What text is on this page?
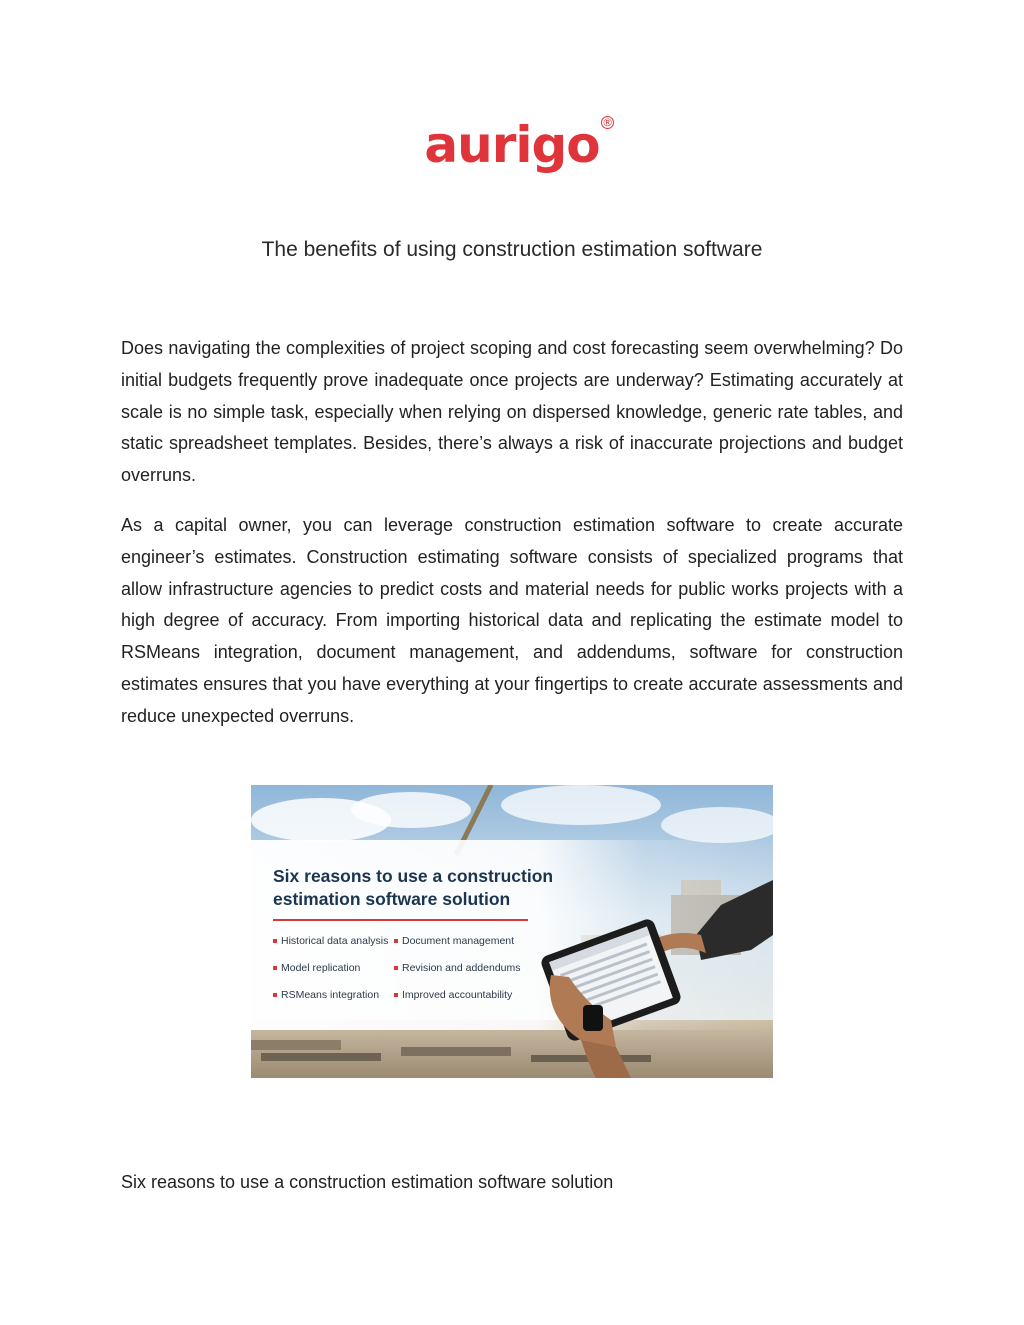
aurigo ®
The benefits of using construction estimation software

Does navigating the complexities of project scoping and cost forecasting seem overwhelming? Do initial budgets frequently prove inadequate once projects are underway? Estimating accurately at scale is no simple task, especially when relying on dispersed knowledge, generic rate tables, and static spreadsheet templates. Besides, there’s always a risk of inaccurate projections and budget overruns.

As a capital owner, you can leverage construction estimation software to create accurate engineer’s estimates. Construction estimating software consists of specialized programs that allow infrastructure agencies to predict costs and material needs for public works projects with a high degree of accuracy. From importing historical data and replicating the estimate model to RSMeans integration, document management, and addendums, software for construction estimates ensures that you have everything at your fingertips to create accurate assessments and reduce unexpected overruns.

Six reasons to use a construction
estimation software solution

Historical data analysis	Document management
Model replication	Revision and addendums
RSMeans integration	Improved accountability

Six reasons to use a construction estimation software solution
